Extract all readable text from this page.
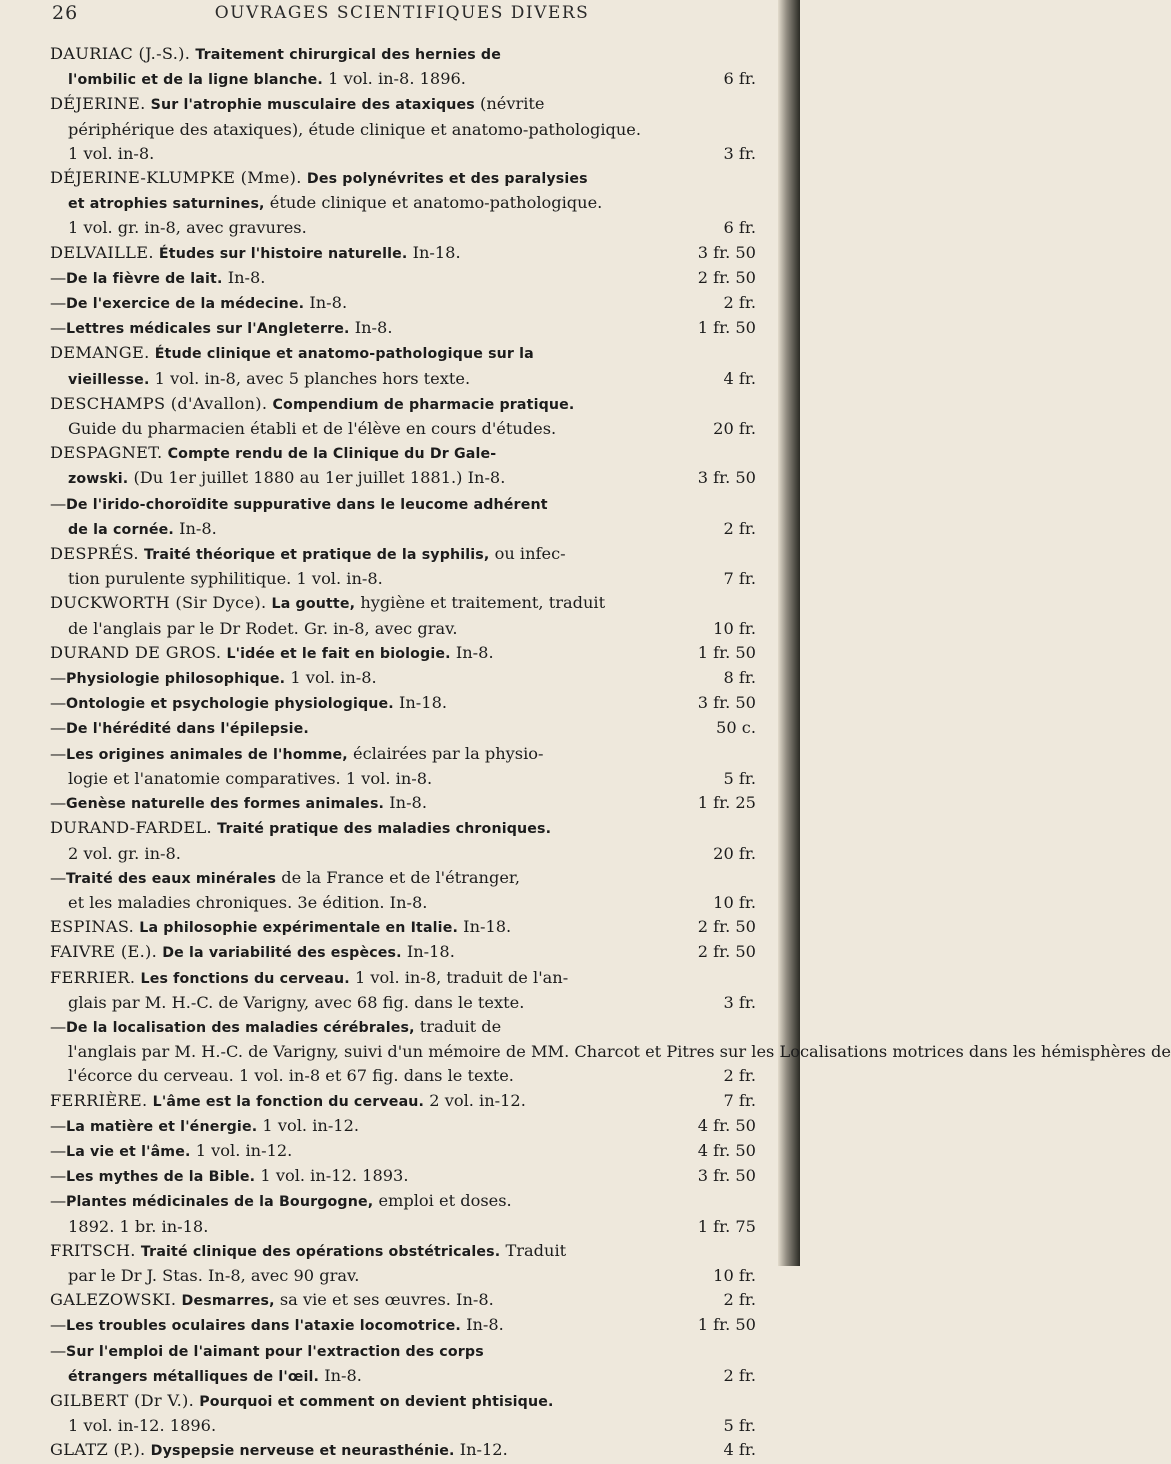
26	OUVRAGES SCIENTIFIQUES DIVERS
DAURIAC (J.-S.). Traitement chirurgical des hernies de
l'ombilic et de la ligne blanche. 1 vol. in-8. 1896.	6 fr.
DÉJERINE. Sur l'atrophie musculaire des ataxiques (névrite
périphérique des ataxiques), étude clinique et anatomo-pathologique.
1 vol. in-8.	3 fr.
DÉJERINE-KLUMPKE (Mme). Des polynévrites et des paralysies
et atrophies saturnines, étude clinique et anatomo-pathologique.
1 vol. gr. in-8, avec gravures.	6 fr.
DELVAILLE. Études sur l'histoire naturelle. In-18.	3 fr. 50
—De la fièvre de lait. In-8.	2 fr. 50
—De l'exercice de la médecine. In-8.	2 fr.
—Lettres médicales sur l'Angleterre. In-8.	1 fr. 50
DEMANGE. Étude clinique et anatomo-pathologique sur la
vieillesse. 1 vol. in-8, avec 5 planches hors texte.	4 fr.
DESCHAMPS (d'Avallon). Compendium de pharmacie pratique.
Guide du pharmacien établi et de l'élève en cours d'études.	20 fr.
DESPAGNET. Compte rendu de la Clinique du Dr Gale-
zowski. (Du 1er juillet 1880 au 1er juillet 1881.) In-8.	3 fr. 50
—De l'irido-choroïdite suppurative dans le leucome adhérent
de la cornée. In-8.	2 fr.
DESPRÉS. Traité théorique et pratique de la syphilis, ou infec-
tion purulente syphilitique. 1 vol. in-8.	7 fr.
DUCKWORTH (Sir Dyce). La goutte, hygiène et traitement, traduit
de l'anglais par le Dr Rodet. Gr. in-8, avec grav.	10 fr.
DURAND DE GROS. L'idée et le fait en biologie. In-8.	1 fr. 50
—Physiologie philosophique. 1 vol. in-8.	8 fr.
—Ontologie et psychologie physiologique. In-18.	3 fr. 50
—De l'hérédité dans l'épilepsie.	50 c.
—Les origines animales de l'homme, éclairées par la physio-
logie et l'anatomie comparatives. 1 vol. in-8.	5 fr.
—Genèse naturelle des formes animales. In-8.	1 fr. 25
DURAND-FARDEL. Traité pratique des maladies chroniques.
2 vol. gr. in-8.	20 fr.
—Traité des eaux minérales de la France et de l'étranger,
et les maladies chroniques. 3e édition. In-8.	10 fr.
ESPINAS. La philosophie expérimentale en Italie. In-18.	2 fr. 50
FAIVRE (E.). De la variabilité des espèces. In-18.	2 fr. 50
FERRIER. Les fonctions du cerveau. 1 vol. in-8, traduit de l'an-
glais par M. H.-C. de Varigny, avec 68 fig. dans le texte.	3 fr.
—De la localisation des maladies cérébrales, traduit de
l'anglais par M. H.-C. de Varigny, suivi d'un mémoire de MM. Charcot et Pitres sur les Localisations motrices dans les hémisphères de
l'écorce du cerveau. 1 vol. in-8 et 67 fig. dans le texte.	2 fr.
FERRIÈRE. L'âme est la fonction du cerveau. 2 vol. in-12.	7 fr.
—La matière et l'énergie. 1 vol. in-12.	4 fr. 50
—La vie et l'âme. 1 vol. in-12.	4 fr. 50
—Les mythes de la Bible. 1 vol. in-12. 1893.	3 fr. 50
—Plantes médicinales de la Bourgogne, emploi et doses.
1892. 1 br. in-18.	1 fr. 75
FRITSCH. Traité clinique des opérations obstétricales. Traduit
par le Dr J. Stas. In-8, avec 90 grav.	10 fr.
GALEZOWSKI. Desmarres, sa vie et ses œuvres. In-8.	2 fr.
—Les troubles oculaires dans l'ataxie locomotrice. In-8.	1 fr. 50
—Sur l'emploi de l'aimant pour l'extraction des corps
étrangers métalliques de l'œil. In-8.	2 fr.
GILBERT (Dr V.). Pourquoi et comment on devient phtisique.
1 vol. in-12. 1896.	5 fr.
GLATZ (P.). Dyspepsie nerveuse et neurasthénie. In-12.	4 fr.
